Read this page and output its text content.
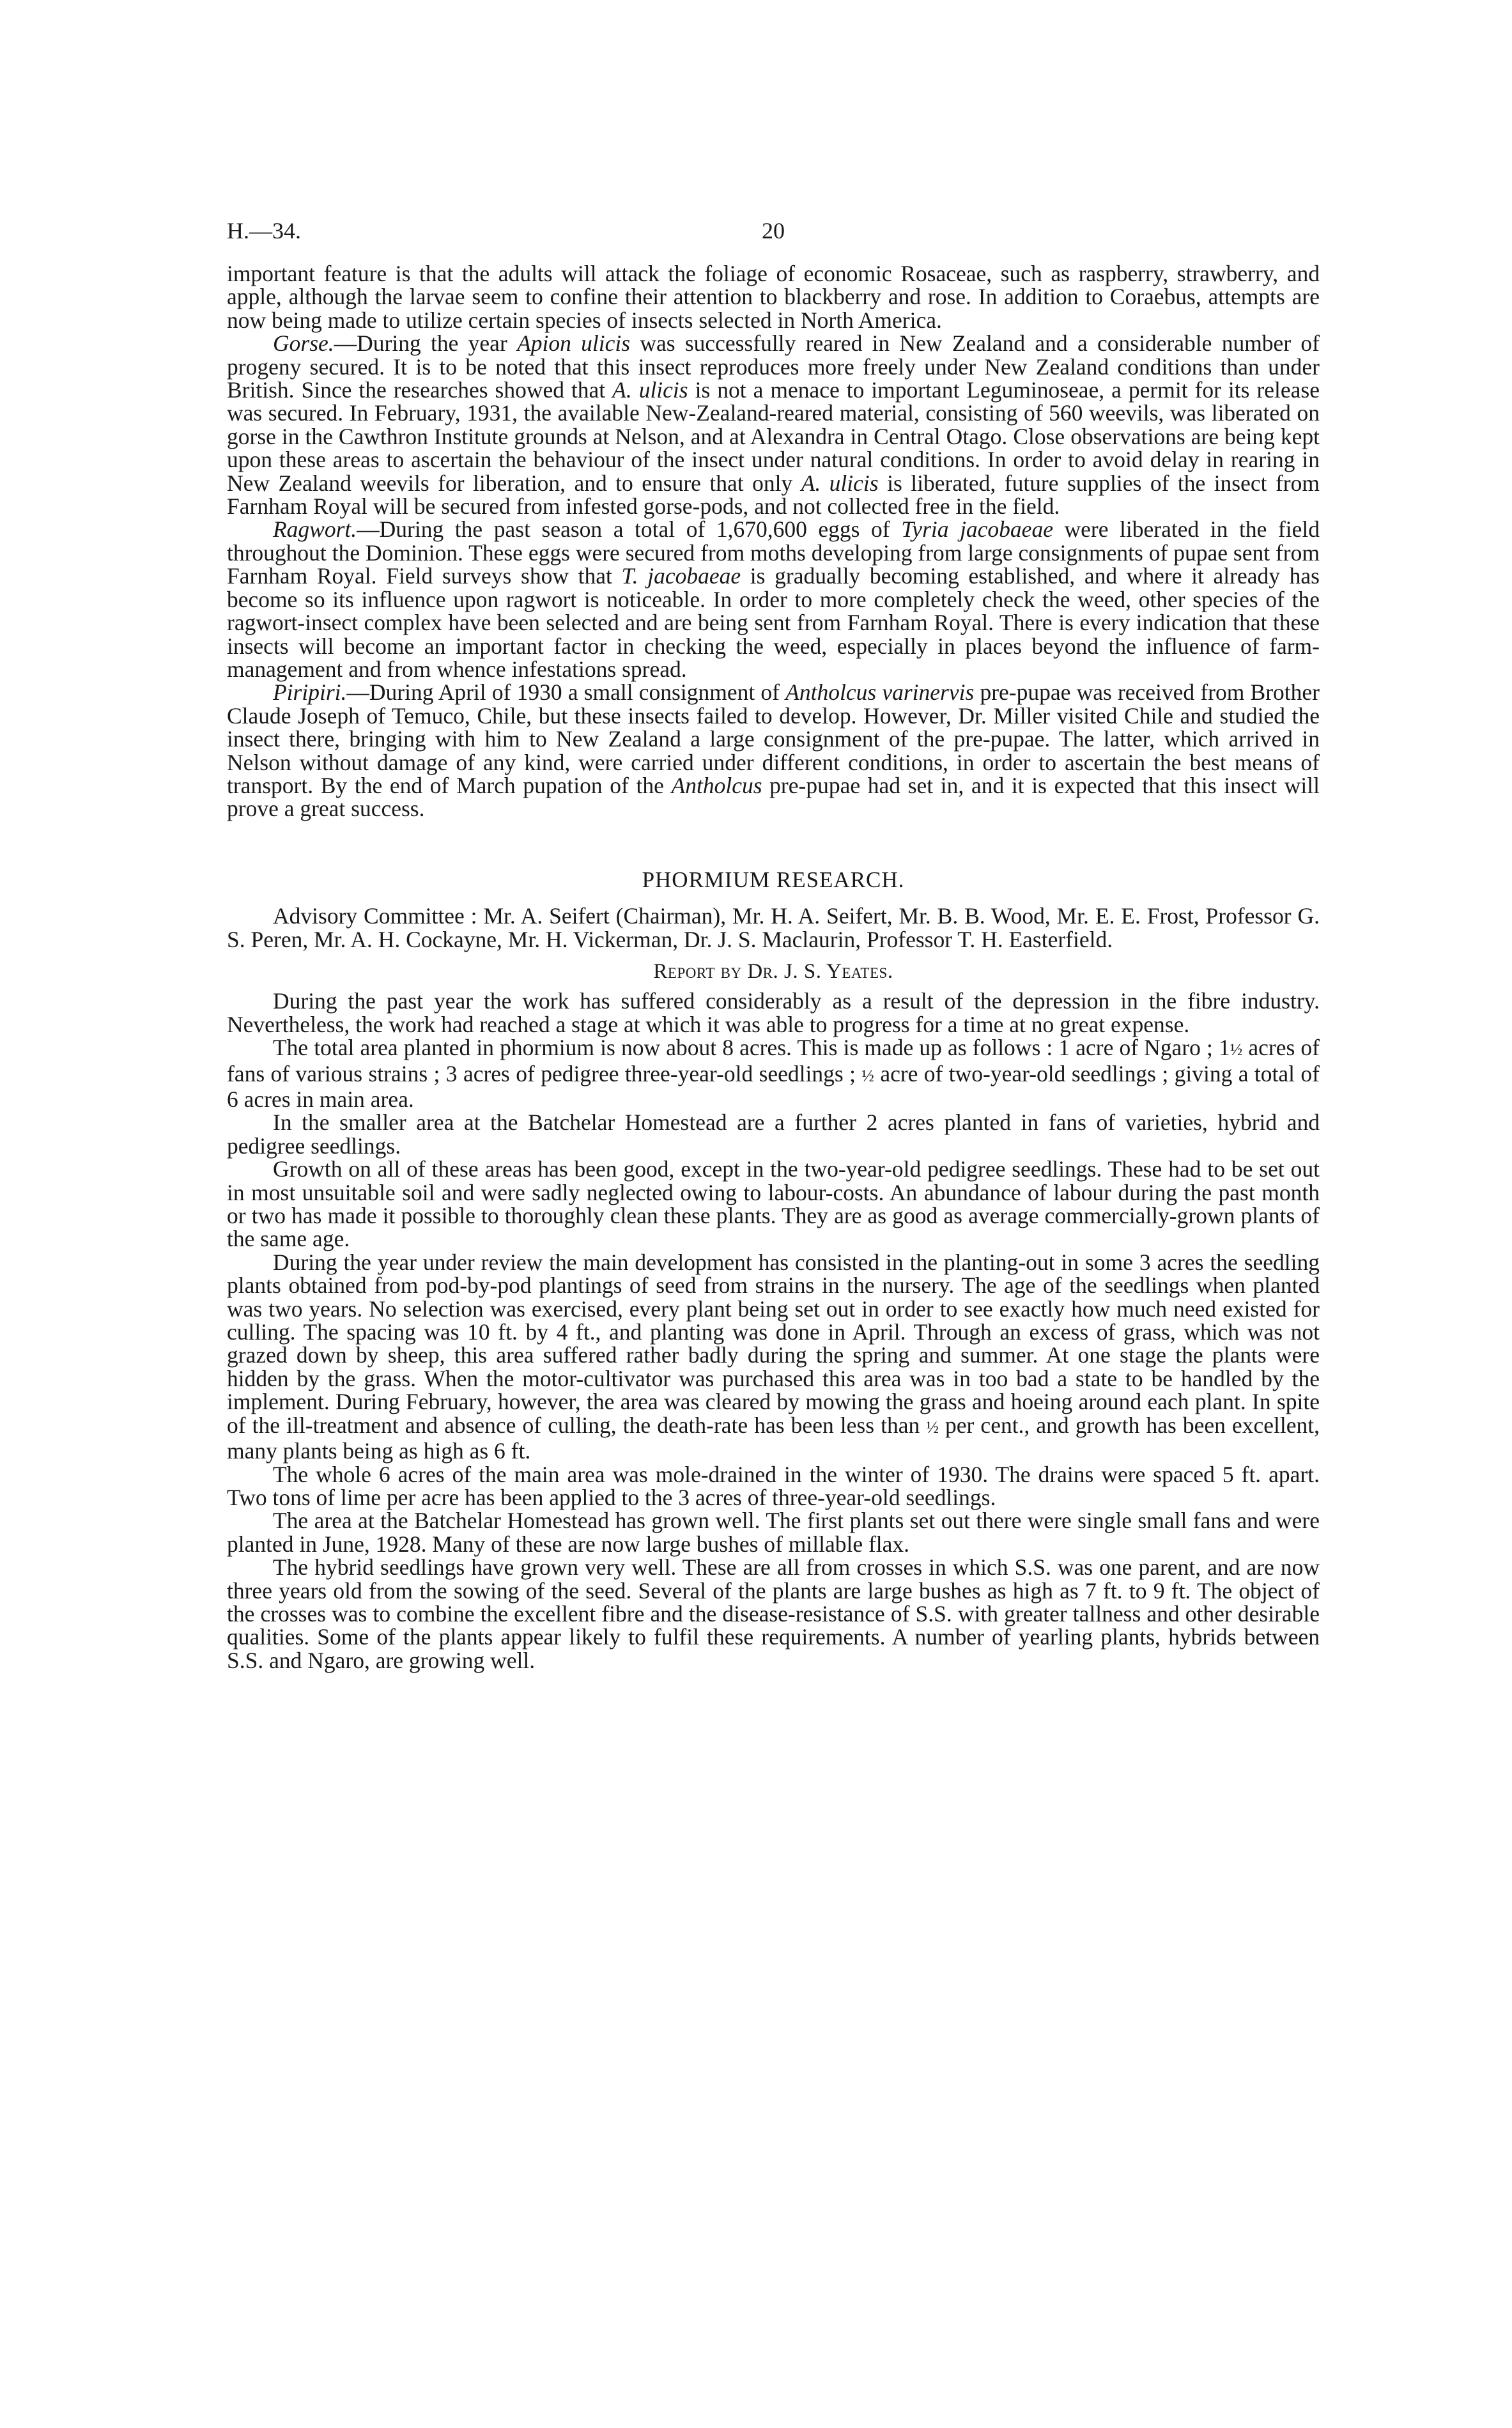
H.—34.	20

important feature is that the adults will attack the foliage of economic Rosaceae, such as raspberry, strawberry, and apple, although the larvae seem to confine their attention to blackberry and rose. In addition to Coraebus, attempts are now being made to utilize certain species of insects selected in North America.

Gorse.—During the year Apion ulicis was successfully reared in New Zealand and a considerable number of progeny secured. It is to be noted that this insect reproduces more freely under New Zealand conditions than under British. Since the researches showed that A. ulicis is not a menace to important Leguminoseae, a permit for its release was secured. In February, 1931, the available New-Zealand-reared material, consisting of 560 weevils, was liberated on gorse in the Cawthron Institute grounds at Nelson, and at Alexandra in Central Otago. Close observations are being kept upon these areas to ascertain the behaviour of the insect under natural conditions. In order to avoid delay in rearing in New Zealand weevils for liberation, and to ensure that only A. ulicis is liberated, future supplies of the insect from Farnham Royal will be secured from infested gorse-pods, and not collected free in the field.

Ragwort.—During the past season a total of 1,670,600 eggs of Tyria jacobaeae were liberated in the field throughout the Dominion. These eggs were secured from moths developing from large consignments of pupae sent from Farnham Royal. Field surveys show that T. jacobaeae is gradually becoming established, and where it already has become so its influence upon ragwort is noticeable. In order to more completely check the weed, other species of the ragwort-insect complex have been selected and are being sent from Farnham Royal. There is every indication that these insects will become an important factor in checking the weed, especially in places beyond the influence of farm-management and from whence infestations spread.

Piripiri.—During April of 1930 a small consignment of Antholcus varinervis pre-pupae was received from Brother Claude Joseph of Temuco, Chile, but these insects failed to develop. However, Dr. Miller visited Chile and studied the insect there, bringing with him to New Zealand a large consignment of the pre-pupae. The latter, which arrived in Nelson without damage of any kind, were carried under different conditions, in order to ascertain the best means of transport. By the end of March pupation of the Antholcus pre-pupae had set in, and it is expected that this insect will prove a great success.

PHORMIUM RESEARCH.

Advisory Committee : Mr. A. Seifert (Chairman), Mr. H. A. Seifert, Mr. B. B. Wood, Mr. E. E. Frost, Professor G. S. Peren, Mr. A. H. Cockayne, Mr. H. Vickerman, Dr. J. S. Maclaurin, Professor T. H. Easterfield.

Report by Dr. J. S. Yeates.

During the past year the work has suffered considerably as a result of the depression in the fibre industry. Nevertheless, the work had reached a stage at which it was able to progress for a time at no great expense.

The total area planted in phormium is now about 8 acres. This is made up as follows : 1 acre of Ngaro ; 1½ acres of fans of various strains ; 3 acres of pedigree three-year-old seedlings ; ½ acre of two-year-old seedlings ; giving a total of 6 acres in main area.

In the smaller area at the Batchelar Homestead are a further 2 acres planted in fans of varieties, hybrid and pedigree seedlings.

Growth on all of these areas has been good, except in the two-year-old pedigree seedlings. These had to be set out in most unsuitable soil and were sadly neglected owing to labour-costs. An abundance of labour during the past month or two has made it possible to thoroughly clean these plants. They are as good as average commercially-grown plants of the same age.

During the year under review the main development has consisted in the planting-out in some 3 acres the seedling plants obtained from pod-by-pod plantings of seed from strains in the nursery. The age of the seedlings when planted was two years. No selection was exercised, every plant being set out in order to see exactly how much need existed for culling. The spacing was 10 ft. by 4 ft., and planting was done in April. Through an excess of grass, which was not grazed down by sheep, this area suffered rather badly during the spring and summer. At one stage the plants were hidden by the grass. When the motor-cultivator was purchased this area was in too bad a state to be handled by the implement. During February, however, the area was cleared by mowing the grass and hoeing around each plant. In spite of the ill-treatment and absence of culling, the death-rate has been less than ½ per cent., and growth has been excellent, many plants being as high as 6 ft.

The whole 6 acres of the main area was mole-drained in the winter of 1930. The drains were spaced 5 ft. apart. Two tons of lime per acre has been applied to the 3 acres of three-year-old seedlings.

The area at the Batchelar Homestead has grown well. The first plants set out there were single small fans and were planted in June, 1928. Many of these are now large bushes of millable flax.

The hybrid seedlings have grown very well. These are all from crosses in which S.S. was one parent, and are now three years old from the sowing of the seed. Several of the plants are large bushes as high as 7 ft. to 9 ft. The object of the crosses was to combine the excellent fibre and the disease-resistance of S.S. with greater tallness and other desirable qualities. Some of the plants appear likely to fulfil these requirements. A number of yearling plants, hybrids between S.S. and Ngaro, are growing well.
